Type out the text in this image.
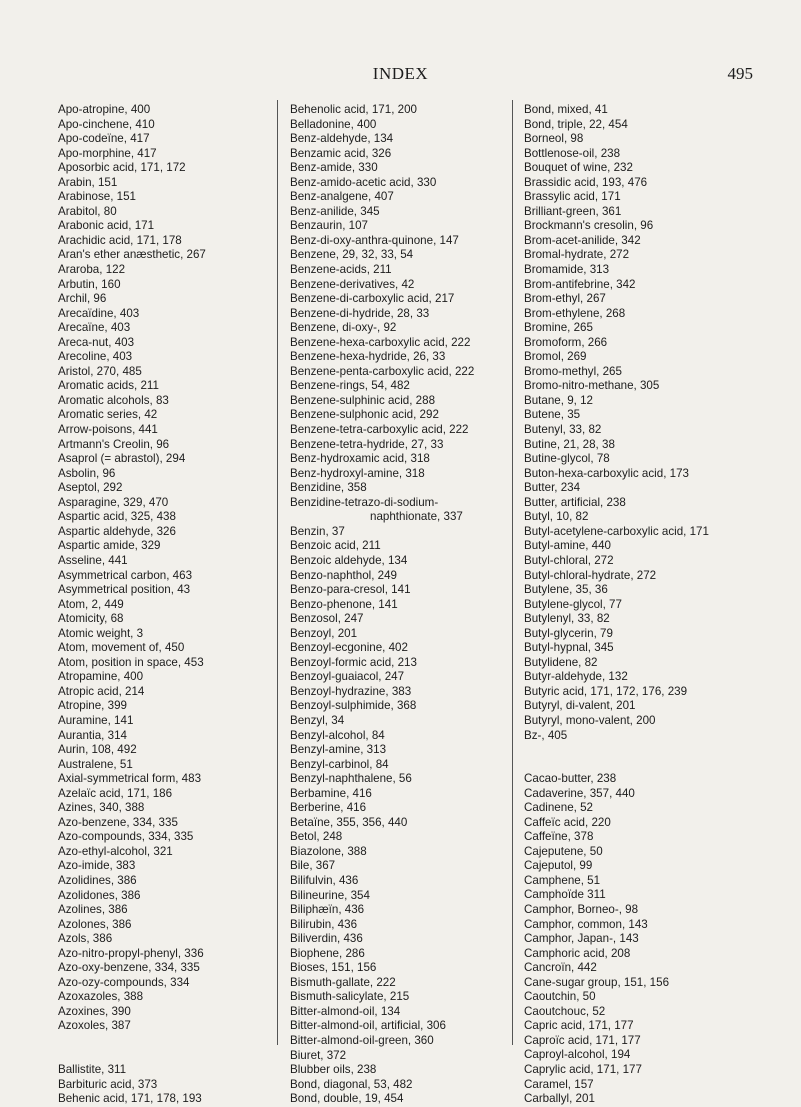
INDEX	495
Apo-atropine, 400
Apo-cinchene, 410
Apo-codeïne, 417
Apo-morphine, 417
Aposorbic acid, 171, 172
Arabin, 151
Arabinose, 151
Arabitol, 80
Arabonic acid, 171
Arachidic acid, 171, 178
Aran's ether anæsthetic, 267
Araroba, 122
Arbutin, 160
Archil, 96
Arecaïdine, 403
Arecaïne, 403
Areca-nut, 403
Arecoline, 403
Aristol, 270, 485
Aromatic acids, 211
Aromatic alcohols, 83
Aromatic series, 42
Arrow-poisons, 441
Artmann's Creolin, 96
Asaprol (= abrastol), 294
Asbolin, 96
Aseptol, 292
Asparagine, 329, 470
Aspartic acid, 325, 438
Aspartic aldehyde, 326
Aspartic amide, 329
Asseline, 441
Asymmetrical carbon, 463
Asymmetrical position, 43
Atom, 2, 449
Atomicity, 68
Atomic weight, 3
Atom, movement of, 450
Atom, position in space, 453
Atropamine, 400
Atropic acid, 214
Atropine, 399
Auramine, 141
Aurantia, 314
Aurin, 108, 492
Australene, 51
Axial-symmetrical form, 483
Azelaïc acid, 171, 186
Azines, 340, 388
Azo-benzene, 334, 335
Azo-compounds, 334, 335
Azo-ethyl-alcohol, 321
Azo-imide, 383
Azolidines, 386
Azolidones, 386
Azolines, 386
Azolones, 386
Azols, 386
Azo-nitro-propyl-phenyl, 336
Azo-oxy-benzene, 334, 335
Azo-ozy-compounds, 334
Azoxazoles, 388
Azoxines, 390
Azoxoles, 387
Ballistite, 311
Barbituric acid, 373
Behenic acid, 171, 178, 193
Behenolic acid, 171, 200
Belladonine, 400
Benz-aldehyde, 134
Benzamic acid, 326
Benz-amide, 330
Benz-amido-acetic acid, 330
Benz-analgene, 407
Benz-anilide, 345
Benzaurin, 107
Benz-di-oxy-anthra-quinone, 147
Benzene, 29, 32, 33, 54
Benzene-acids, 211
Benzene-derivatives, 42
Benzene-di-carboxylic acid, 217
Benzene-di-hydride, 28, 33
Benzene, di-oxy-, 92
Benzene-hexa-carboxylic acid, 222
Benzene-hexa-hydride, 26, 33
Benzene-penta-carboxylic acid, 222
Benzene-rings, 54, 482
Benzene-sulphinic acid, 288
Benzene-sulphonic acid, 292
Benzene-tetra-carboxylic acid, 222
Benzene-tetra-hydride, 27, 33
Benz-hydroxamic acid, 318
Benz-hydroxyl-amine, 318
Benzidine, 358
Benzidine-tetrazo-di-sodium-
naphthionate, 337
Benzin, 37
Benzoic acid, 211
Benzoic aldehyde, 134
Benzo-naphthol, 249
Benzo-para-cresol, 141
Benzo-phenone, 141
Benzosol, 247
Benzoyl, 201
Benzoyl-ecgonine, 402
Benzoyl-formic acid, 213
Benzoyl-guaiacol, 247
Benzoyl-hydrazine, 383
Benzoyl-sulphimide, 368
Benzyl, 34
Benzyl-alcohol, 84
Benzyl-amine, 313
Benzyl-carbinol, 84
Benzyl-naphthalene, 56
Berbamine, 416
Berberine, 416
Betaïne, 355, 356, 440
Betol, 248
Biazolone, 388
Bile, 367
Bilifulvin, 436
Bilineurine, 354
Biliphæïn, 436
Bilirubin, 436
Biliverdin, 436
Biophene, 286
Bioses, 151, 156
Bismuth-gallate, 222
Bismuth-salicylate, 215
Bitter-almond-oil, 134
Bitter-almond-oil, artificial, 306
Bitter-almond-oil-green, 360
Biuret, 372
Blubber oils, 238
Bond, diagonal, 53, 482
Bond, double, 19, 454
Bond, mixed, 41
Bond, triple, 22, 454
Borneol, 98
Bottlenose-oil, 238
Bouquet of wine, 232
Brassidic acid, 193, 476
Brassylic acid, 171
Brilliant-green, 361
Brockmann's cresolin, 96
Brom-acet-anilide, 342
Bromal-hydrate, 272
Bromamide, 313
Brom-antifebrine, 342
Brom-ethyl, 267
Brom-ethylene, 268
Bromine, 265
Bromoform, 266
Bromol, 269
Bromo-methyl, 265
Bromo-nitro-methane, 305
Butane, 9, 12
Butene, 35
Butenyl, 33, 82
Butine, 21, 28, 38
Butine-glycol, 78
Buton-hexa-carboxylic acid, 173
Butter, 234
Butter, artificial, 238
Butyl, 10, 82
Butyl-acetylene-carboxylic acid, 171
Butyl-amine, 440
Butyl-chloral, 272
Butyl-chloral-hydrate, 272
Butylene, 35, 36
Butylene-glycol, 77
Butylenyl, 33, 82
Butyl-glycerin, 79
Butyl-hypnal, 345
Butylidene, 82
Butyr-aldehyde, 132
Butyric acid, 171, 172, 176, 239
Butyryl, di-valent, 201
Butyryl, mono-valent, 200
Bz-, 405
Cacao-butter, 238
Cadaverine, 357, 440
Cadinene, 52
Caffeïc acid, 220
Caffeïne, 378
Cajeputene, 50
Cajeputol, 99
Camphene, 51
Camphoïde 311
Camphor, Borneo-, 98
Camphor, common, 143
Camphor, Japan-, 143
Camphoric acid, 208
Cancroïn, 442
Cane-sugar group, 151, 156
Caoutchin, 50
Caoutchouc, 52
Capric acid, 171, 177
Caproïc acid, 171, 177
Caproyl-alcohol, 194
Caprylic acid, 171, 177
Caramel, 157
Carballyl, 201
